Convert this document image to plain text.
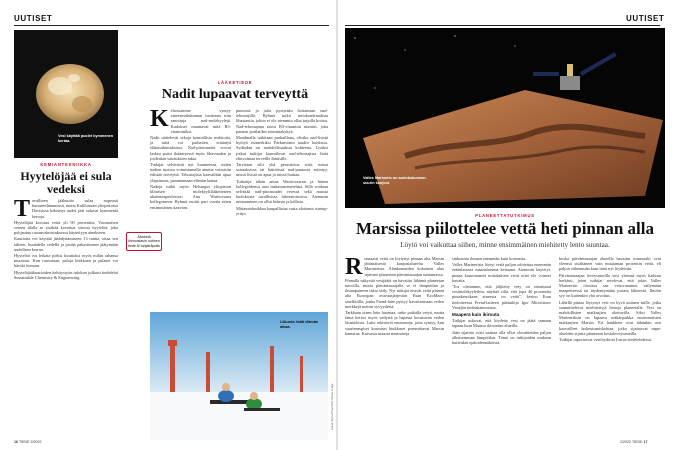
UUTISET
Vesi käyttää puolet kymmenen kertaa.
KEMIANTEKNIIKKA
Hyytelöjää ei sula vedeksi

Tavallinen jääkuutio sulaa nopeasti huoneenlämmössä, mutta Kalifornian yliopistossa Davisissa kehitetyt uudet jäät sulavat kymmeniä kertoja.

Hyytelöjää koostuu vettä yli 90 prosenttia. Varsinaisen veteen tilalla se sisältää kovettua sitovaa hyytelöä, joka pohjautuu ruoanvalmistuksessa käytettyyn ainekseen.

Kuutioita voi käyttää jäähdyttämiseen 13 tuntia, ottaa sen talteen, huuhdella vedellä ja pistää pakastimeen jäätymään uudelleen kerran.

Hyytelöä voi leikata pieksi kuutioksi myös mihin tahansa muotoon. Kun ruuvataan, paloja hiekkaan ja palaset voi häviää hieman.

Hyytelöjääkuutioiden kehitystyön tulokset julkaisi tiedelehti Sustainable Chemistry & Engineering.

LÄÄKETIEDE
Nadit lupaavat terveyttä

Kehossamme syntyy aineenvaihdunnan tuotteena niin sanottuja nad-molekyylejä. Kudokset muuttavat niitä B3-vitamiiniksi.

Nadit säätelevät sekoja kemiallisia reaktioita, ja niitä voi parhaiten erääntyä eläintutkimuksissa. Nad-pitoisuudet voivat laskea paitsi ikääntyessä myös lihavuuden ja joidenkin sairauksien takia.

Tutkijat selvittivät nyt kuumeessa, miten nadien tuottoa voimistamalla aineita voitaisiin edistää terveyttä. Tehostajista kaavailtiin apua ylipainoon, parantamaan elämän laatua.

Nadeja tutkii myös Helsingin yliopiston kliinisen molekyylilääketieteen akatemiaprofessori Anu Wartiovaara kollegoineen. Ryhmä osoitti pari vuotta sitten ensimmäisen kaavion.

puutosta ja joita pystytään hoitamaan nad-tehostajillä. Ryhmä tutkii mitokondriaalista lihastautia, johon ei ole aiemmin ollut tarjolla hoitoa. Nad-tehostajana toimi B3-vitamiini niasiini, joka paransi potilaiden toimintakykyä.

Maailmalla tutkitaan parhaillaan, olisiko nad-lisistä hyötyä esimerkiksi Parkinsonin taudin hoidossa. Sydänkin on mahdollisuuksia kohteena. Lisäksi jotkut tutkijat kaavailevat nad-tehostajista lisää elinvoimaa terveille ihmisille.

Tarvitaan silti yhä perustietoa siitä, missä sairauksissa tai häiriöissä nad-puutosta esiintyy, missä lisistä on apua ja missä haittaa.

Tutkaiija tähän antaa Wartiovaaran ja hänen kollegoidensa uusi mittausmenetelmä. Sillä voidaan selvittää nad-pitoisuudet veressä sekä muista kudoksista tavallisissa laboratorioissa. Aiemmin mittaaminen on ollut hidasta ja kallista.

Mittausteknikkaa kaupallistaa vasta alottanut startup-yritys.

Äänestä kiinnostavin uutinen tiede.fi/ tuhjatråpolis
Liikunta lisää elämän aikaa.
Kuvat: Alpha Bravo/Ciiv Sänka Image
16 TIEDE 2/2022
UUTISET
Valles Marineris on aurinkokunnan suurin kanjoni.
PLANEETTATUTKIMUS
Marsissa piilottelee vettä heti pinnan alla
Löytö voi vaikuttaa siihen, minne ensimmäinen miehitetty lento suuntaa.

Runsaasti vettä on löytynyt pinnan alta Marsin jättimäisestä kanjonialueelta Valles Marinerista. Alankomaiden kokoinen alue sijaitsee planeetan päiväntasaajan tuntumassa.

Pinnalla näkyvää vesijäätä on havaittu lähinnä planeetan navoilla, mutta päiväntasaajalla se ei lämpötilan ja ilmanpaineen takia säily. Nyt tutkijat etsivät vettä pinnan alta Euroopan avaruusjärjestön Esan ExoMars-satelliitilla, jonka Frend-laite pystyy havaitsemaan veden merkkejä metrin syvyydestä.

Tarkkaan otaen laite huomaa, onko paikalla vetyä, mutta tämä kertoo myös vedystä ja hapesta koostuvan veden läsnäolosta. Laite rekisteröi neutroneja, joita syntyy, kun suurienergiset kosmiset hiukkaset pommittavat Marsin kamaraa. Kuivasta maasta neutroneja

sinkoutuu ilmaan enemmän kuin kosteasta.

Valles Marinerista löytyi vettä paljon odotettua enemmän eräänlaisena maanalaisena keitaana. Aiemmin käytetyt, pintaa kartoittaneet mittalaitteet eivät niitä ole voineet havaita.

"Jos oletamme, että jäljitetty vety on sitoutunut vesimolekyyleihin, näyttää siltä, että jopa 40 prosenttia pintakerroksen aineesta on vettä", kertoo Esan tiedotteessa Frend-laitteen päätutkija Igor Mitrofanov Venäjän tiedeakatemiasta.

Maaperä kuin ikirouta

Tutkijat uskovat, että löydetty vesi on jäätä samaan tapaan kuin Maassa ikiroudan alueilla.

Jään sijainta voisi saattaa olla ollut olosuhteiden paljon alhaisemman lämpötilan. Tämä on tutkijoiden mukaan kuitenkin epätodennäköistä,

koska päiväntasaajan alueella havaitut mineraalit ovat yleensä sisältäneet vain muutaman prosentin vettä, eli paljon vähemmän kuin mitä nyt löydettiin.

Päiväntasaajan leveysasteilla vesi yleensä myös haihtuu herkästi, joten tutkijat arvelevat, että jokin Valles Marineriin olosissa saa veisivarannot säilymään maapeiteessä tai täydentymään jostain lähteestä. Ilmiön syy on kuitenkin yhä arvoitus.

Lähellä pintaa löytynyt vesi on hyvä uutinen niille, jotka suunnittelevat miehitettyjä lentoja planeetalle. Vesi on mahdollisten matkaajien ulottuvilla. Siksi Valles Marineriksin on lupaava mäkärpaikka ensimmäisten matkaajien Marsin. Eri hankkeet ovat tähänkin asti kaavailleet laskeutumiskohtaa, jotka sijaitsevat napa-alueiden sijasta planeetan keskileveysasteilla.

Tutkijat raportoivat vesilöydöstä Icarus-tiedelehdessä.

2/2022 TIEDE 17
